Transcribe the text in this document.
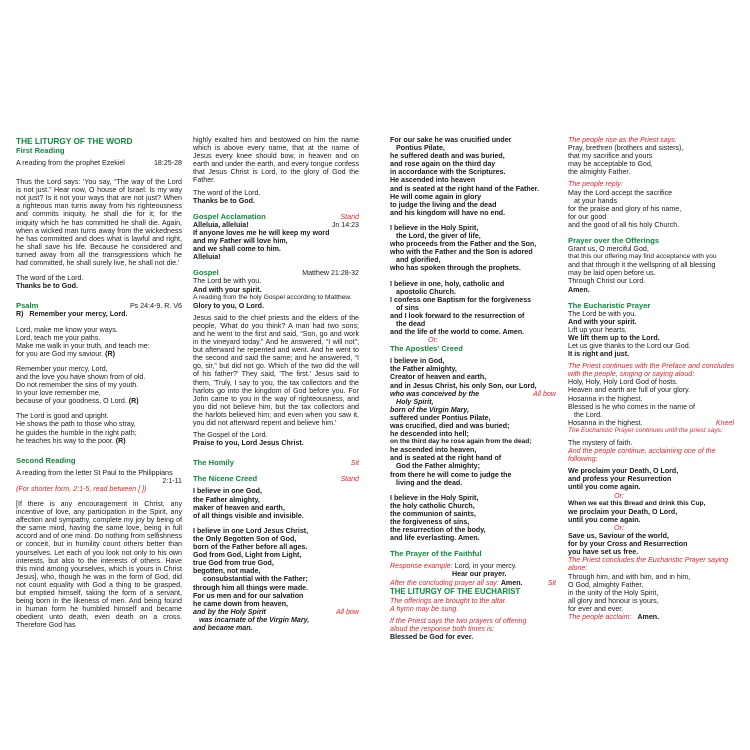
THE LITURGY OF THE WORD
First Reading
A reading from the prophet Ezekiel	18:25-28
Thus the Lord says: 'You say, “The way of the Lord is not just.” Hear now, O house of Israel: Is my way not just? Is it not your ways that are not just? When a righteous man turns away from his righteousness and commits iniquity, he shall die for it; for the iniquity which he has committed he shall die. Again, when a wicked man turns away from the wickedness he has committed and does what is lawful and right, he shall save his life. Because he considered and turned away from all the transgressions which he had committed, he shall surely live, he shall not die.'
The word of the Lord.
Thanks be to God.
Psalm	Ps 24:4-9. R. V6
R) Remember your mercy, Lord.
Lord, make me know your ways.
Lord, teach me your paths.
Make me walk in your truth, and teach me:
for you are God my saviour. (R)
Remember your mercy, Lord,
and the love you have shown from of old.
Do not remember the sins of my youth.
In your love remember me,
because of your goodness, O Lord. (R)
The Lord is good and upright.
He shows the path to those who stray,
he guides the humble in the right path;
he teaches his way to the poor. (R)
Second Reading
A reading from the letter St Paul to the Philippians
2:1-11
(For shorter form, 2:1-5, read between [ ])
[If there is any encouragement in Christ, any incentive of love, any participation in the Spirit, any affection and sympathy, complete my joy by being of the same mind, having the same love, being in full accord and of one mind. Do nothing from selfishness or conceit, but in humility count others better than yourselves. Let each of you look not only to his own interests, but also to the interests of others. Have this mind among yourselves, which is yours in Christ Jesus], who, though he was in the form of God, did not count equality with God a thing to be grasped, but emptied himself, taking the form of a servant, being born in the likeness of men. And being found in human form he humbled himself and became obedient unto death, even death on a cross. Therefore God has
highly exalted him and bestowed on him the name which is above every name, that at the name of Jesus every knee should bow, in heaven and on earth and under the earth, and every tongue confess that Jesus Christ is Lord, to the glory of God the Father.
The word of the Lord.
Thanks be to God.
Gospel Acclamation	Stand
Alleluia, alleluia!	Jn 14:23
If anyone loves me he will keep my word
and my Father will love him,
and we shall come to him.
Alleluia!
Gospel	Matthew 21:28-32
The Lord be with you.
And with your spirit.
A reading from the holy Gospel according to Matthew.
Glory to you, O Lord.
Jesus said to the chief priests and the elders of the people, 'What do you think? A man had two sons; and he went to the first and said, “Son, go and work in the vineyard today.” And he answered, “I will not”; but afterward he repented and went. And he went to the second and said the same; and he answered, “I go, sir,” but did not go. Which of the two did the will of his father?' They said, 'The first.' Jesus said to them, 'Truly, I say to you, the tax collectors and the harlots go into the kingdom of God before you. For John came to you in the way of righteousness, and you did not believe him, but the tax collectors and the harlots believed him; and even when you saw it, you did not afterward repent and believe him.'
The Gospel of the Lord.
Praise to you, Lord Jesus Christ.
The Homily	Sit
The Nicene Creed	Stand
I believe in one God,
the Father almighty,
maker of heaven and earth,
of all things visible and invisible.
I believe in one Lord Jesus Christ,
the Only Begotten Son of God,
born of the Father before all ages.
God from God, Light from Light,
true God from true God,
begotten, not made,
consubstantial with the Father;
through him all things were made.
For us men and for our salvation
he came down from heaven,
and by the Holy Spirit	All bow
was incarnate of the Virgin Mary,
and became man.
For our sake he was crucified under
Pontius Pilate,
he suffered death and was buried,
and rose again on the third day
in accordance with the Scriptures.
He ascended into heaven
and is seated at the right hand of the Father.
He will come again in glory
to judge the living and the dead
and his kingdom will have no end.
I believe in the Holy Spirit,
the Lord, the giver of life,
who proceeds from the Father and the Son,
who with the Father and the Son is adored
and glorified,
who has spoken through the prophets.
I believe in one, holy, catholic and
apostolic Church.
I confess one Baptism for the forgiveness
of sins
and I look forward to the resurrection of
the dead
and the life of the world to come. Amen.
Or:
The Apostles' Creed
I believe in God,
the Father almighty,
Creator of heaven and earth,
and in Jesus Christ, his only Son, our Lord,
who was conceived by the	All bow
Holy Spirit,
born of the Virgin Mary,
suffered under Pontius Pilate,
was crucified, died and was buried;
he descended into hell;
on the third day he rose again from the dead;
he ascended into heaven,
and is seated at the right hand of
God the Father almighty;
from there he will come to judge the
living and the dead.
I believe in the Holy Spirit,
the holy catholic Church,
the communion of saints,
the forgiveness of sins,
the resurrection of the body,
and life everlasting. Amen.
The Prayer of the Faithful
Response example: Lord, in your mercy.
Hear our prayer.
After the concluding prayer all say: Amen.	Sit
THE LITURGY OF THE EUCHARIST
The offerings are brought to the altar.
A hymn may be sung.
If the Priest says the two prayers of offering
aloud the response both times is:
Blessed be God for ever.
The people rise as the Priest says:
Pray, brethren (brothers and sisters),
that my sacrifice and yours
may be acceptable to God,
the almighty Father.
The people reply:
May the Lord accept the sacrifice
at your hands
for the praise and glory of his name,
for our good
and the good of all his holy Church.
Prayer over the Offerings
Grant us, O merciful God,
that this our offering may find acceptance with you
and that through it the wellspring of all blessing
may be laid open before us.
Through Christ our Lord.
Amen.
The Eucharistic Prayer
The Lord be with you.
And with your spirit.
Lift up your hearts.
We lift them up to the Lord.
Let us give thanks to the Lord our God.
It is right and just.
The Priest continues with the Preface and concludes with the people, singing or saying aloud:
Holy, Holy, Holy Lord God of hosts.
Heaven and earth are full of your glory.
Hosanna in the highest.
Blessed is he who comes in the name of
the Lord.
Hosanna in the highest.	Kneel
The Eucharistic Prayer continues until the priest says:
The mystery of faith.
And the people continue, acclaiming one of the following:
We proclaim your Death, O Lord,
and profess your Resurrection
until you come again.
Or:
When we eat this Bread and drink this Cup,
we proclaim your Death, O Lord,
until you come again.
Or:
Save us, Saviour of the world,
for by your Cross and Resurrection
you have set us free.
The Priest concludes the Eucharistic Prayer saying alone:
Through him, and with him, and in him,
O God, almighty Father,
in the unity of the Holy Spirit,
all glory and honour is yours,
for ever and ever.
The people acclaim: Amen.
